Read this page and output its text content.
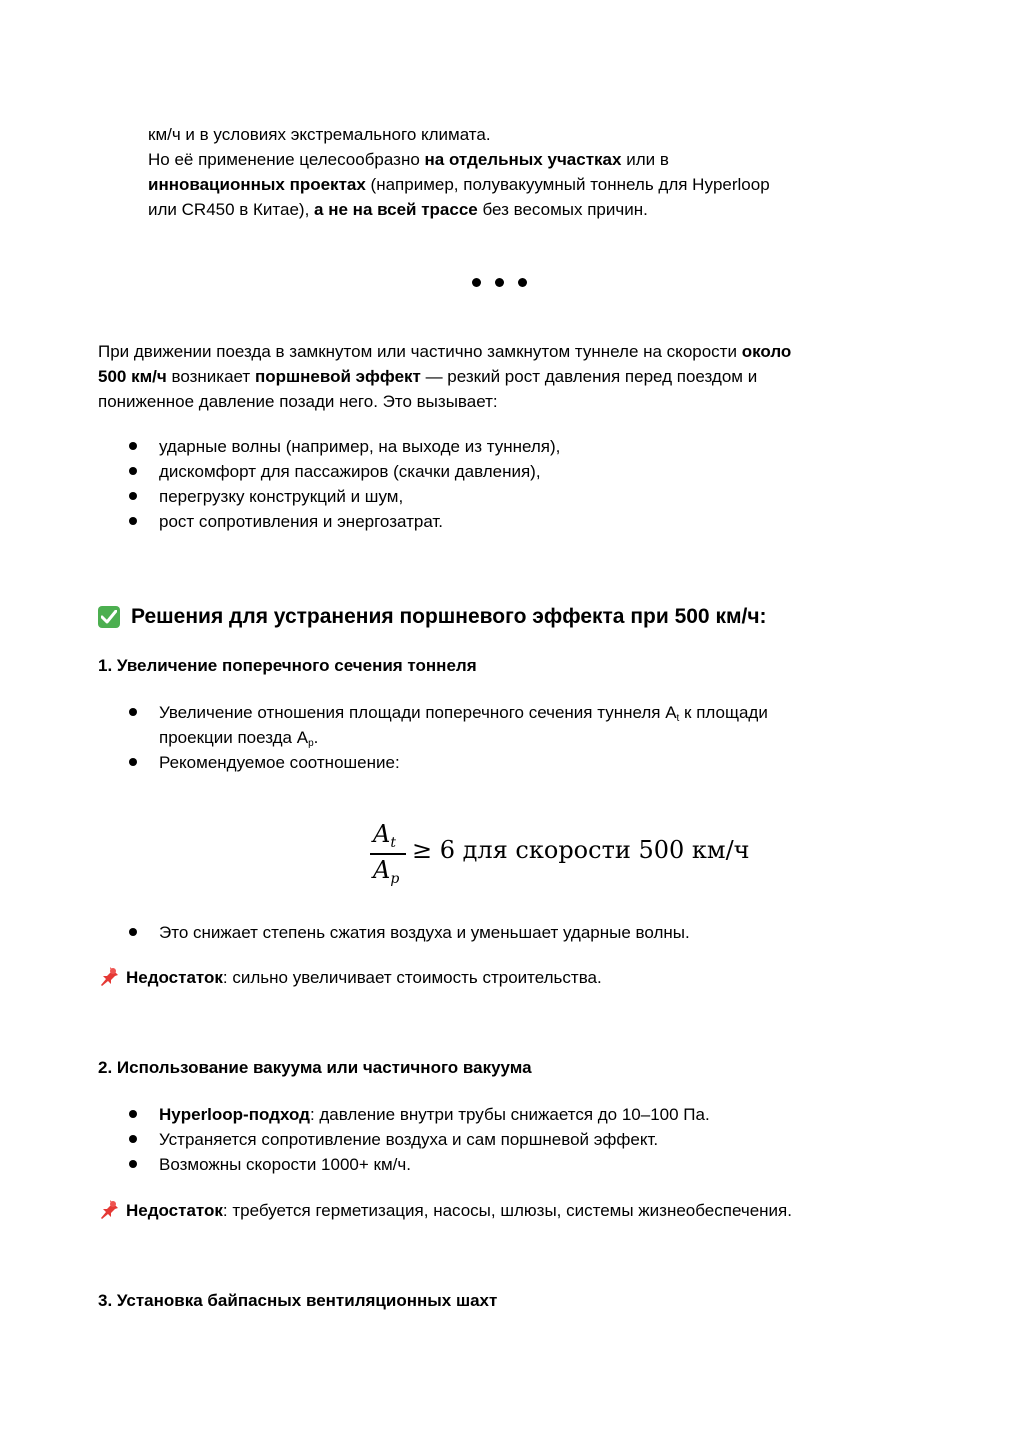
км/ч и в условиях экстремального климата.
Но её применение целесообразно на отдельных участках или в
инновационных проектах (например, полувакуумный тоннель для Hyperloop
или CR450 в Китае), а не на всей трассе без весомых причин.
При движении поезда в замкнутом или частично замкнутом туннеле на скорости около
500 км/ч возникает поршневой эффект — резкий рост давления перед поездом и
пониженное давление позади него. Это вызывает:
ударные волны (например, на выходе из туннеля),
дискомфорт для пассажиров (скачки давления),
перегрузку конструкций и шум,
рост сопротивления и энергозатрат.
Решения для устранения поршневого эффекта при 500 км/ч:
1. Увеличение поперечного сечения тоннеля
Увеличение отношения площади поперечного сечения туннеля At к площади
проекции поезда Ap.
Рекомендуемое соотношение:
$A_t$
$A_p$
≥ 6 для скорости 500 км/ч
Это снижает степень сжатия воздуха и уменьшает ударные волны.
Недостаток: сильно увеличивает стоимость строительства.
2. Использование вакуума или частичного вакуума
Hyperloop-подход: давление внутри трубы снижается до 10–100 Па.
Устраняется сопротивление воздуха и сам поршневой эффект.
Возможны скорости 1000+ км/ч.
Недостаток: требуется герметизация, насосы, шлюзы, системы жизнеобеспечения.
3. Установка байпасных вентиляционных шахт
